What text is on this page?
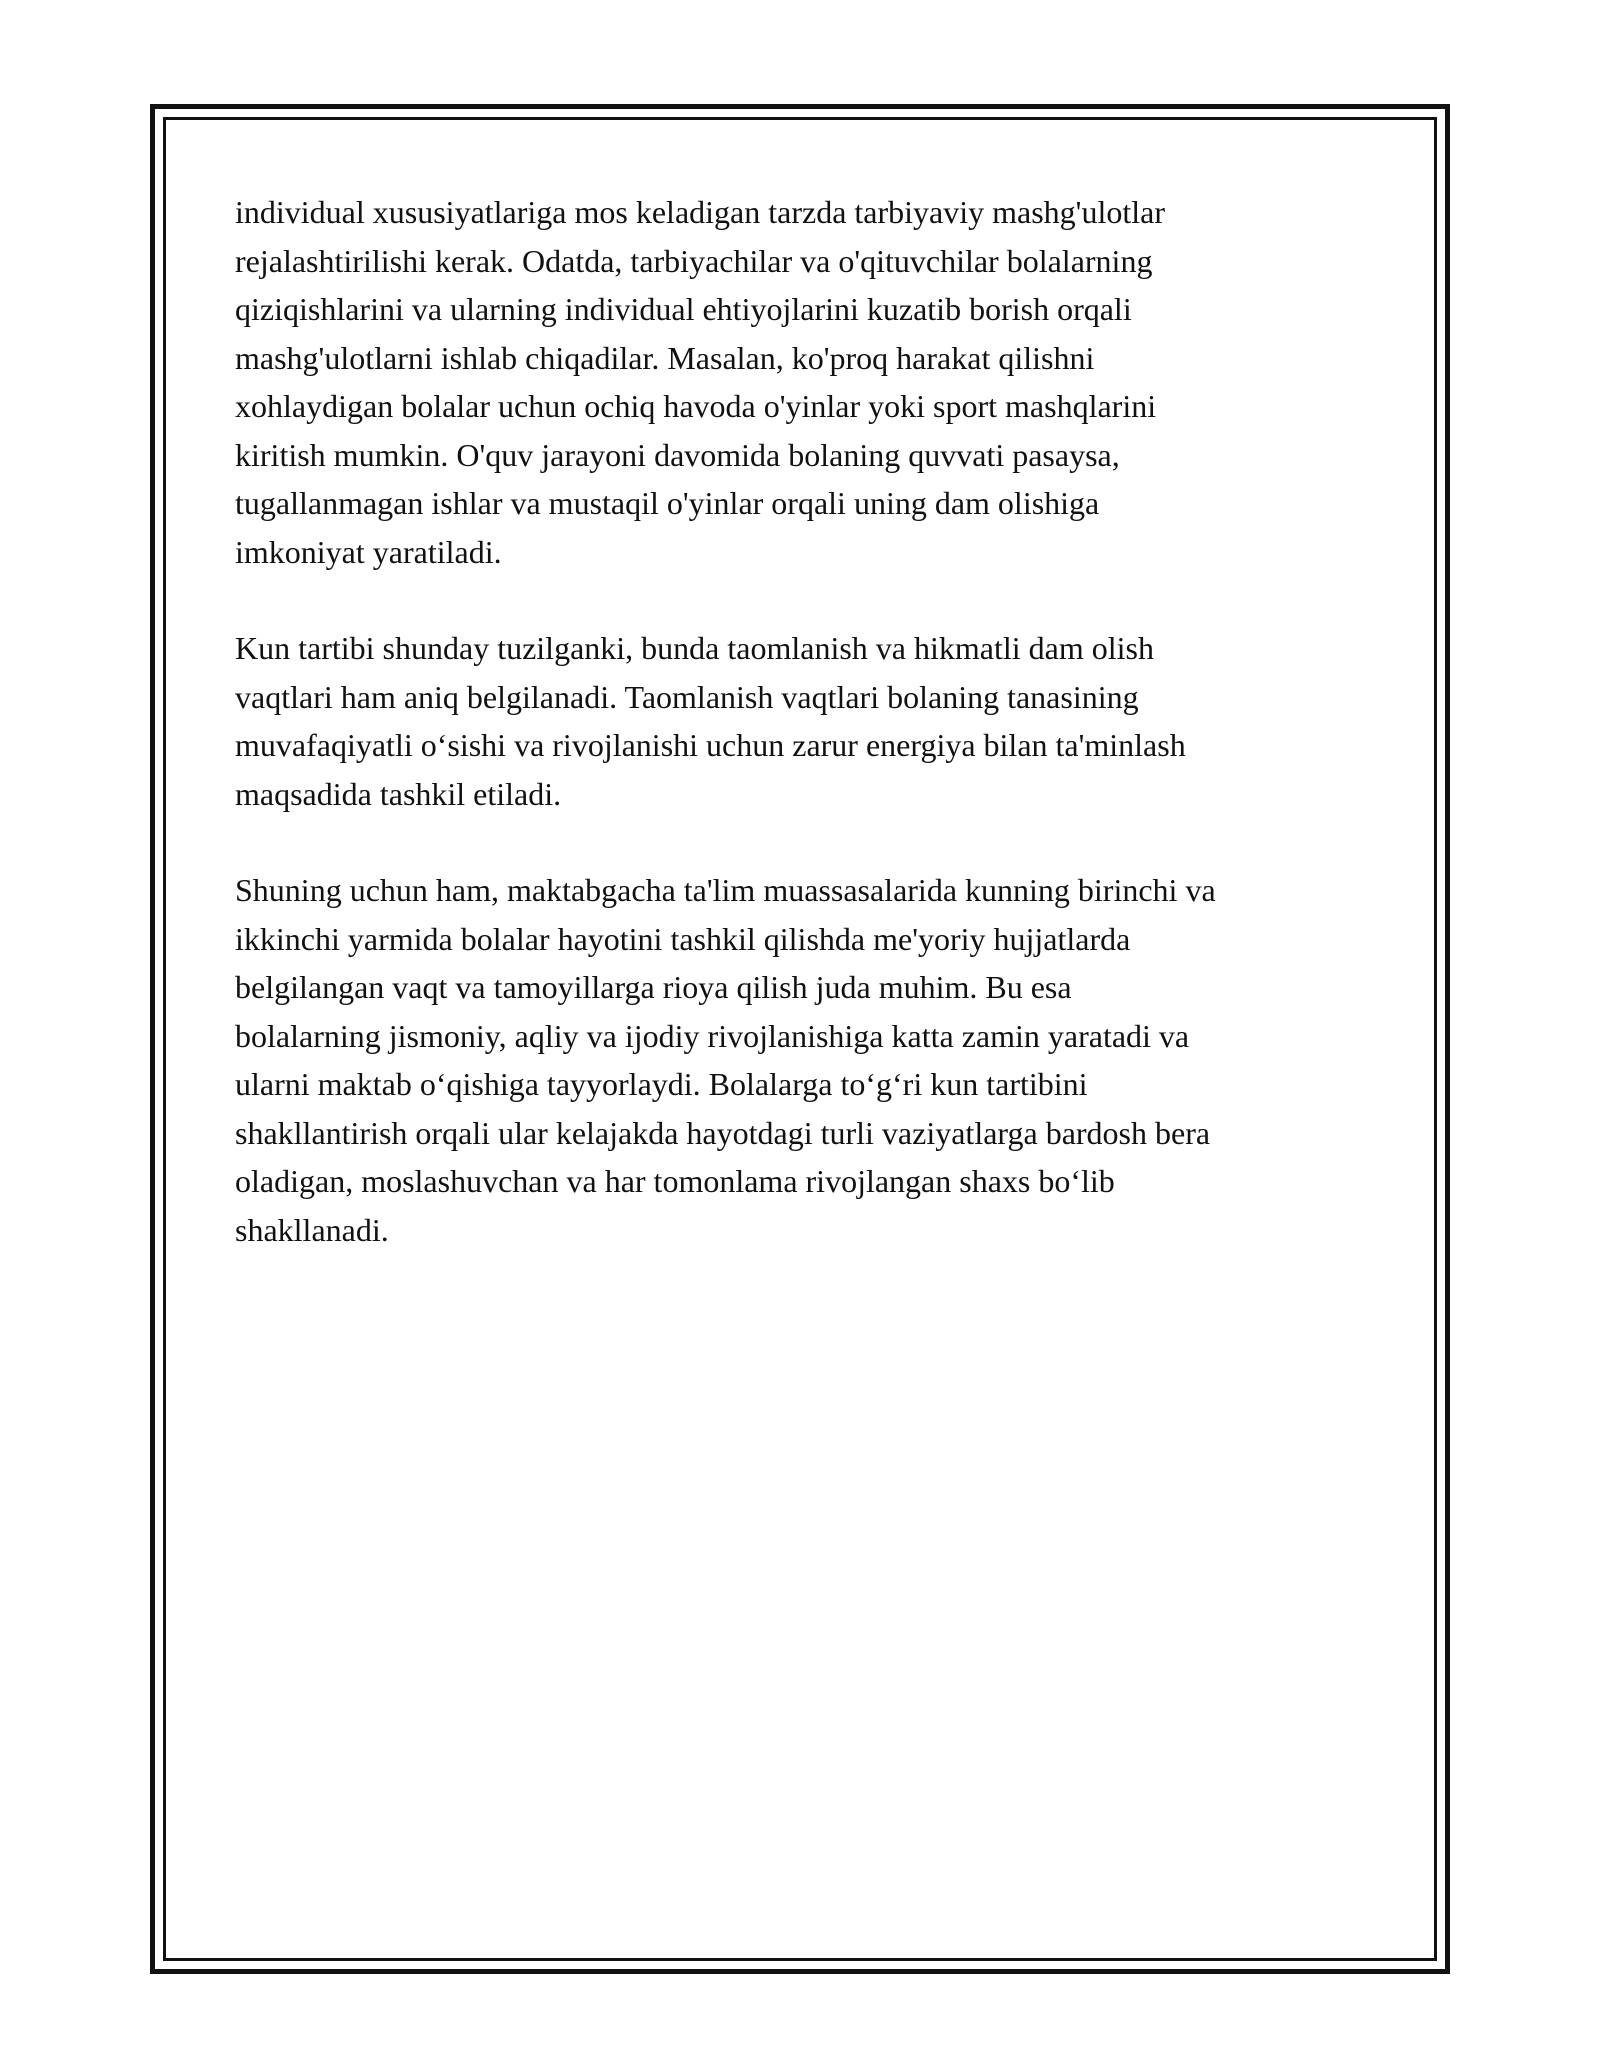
individual xususiyatlariga mos keladigan tarzda tarbiyaviy mashg'ulotlar
rejalashtirilishi kerak. Odatda, tarbiyachilar va o'qituvchilar bolalarning
qiziqishlarini va ularning individual ehtiyojlarini kuzatib borish orqali
mashg'ulotlarni ishlab chiqadilar. Masalan, ko'proq harakat qilishni
xohlaydigan bolalar uchun ochiq havoda o'yinlar yoki sport mashqlarini
kiritish mumkin. O'quv jarayoni davomida bolaning quvvati pasaysa,
tugallanmagan ishlar va mustaqil o'yinlar orqali uning dam olishiga
imkoniyat yaratiladi.

Kun tartibi shunday tuzilganki, bunda taomlanish va hikmatli dam olish
vaqtlari ham aniq belgilanadi. Taomlanish vaqtlari bolaning tanasining
muvafaqiyatli o‘sishi va rivojlanishi uchun zarur energiya bilan ta'minlash
maqsadida tashkil etiladi.

Shuning uchun ham, maktabgacha ta'lim muassasalarida kunning birinchi va
ikkinchi yarmida bolalar hayotini tashkil qilishda me'yoriy hujjatlarda
belgilangan vaqt va tamoyillarga rioya qilish juda muhim. Bu esa
bolalarning jismoniy, aqliy va ijodiy rivojlanishiga katta zamin yaratadi va
ularni maktab o‘qishiga tayyorlaydi. Bolalarga to‘g‘ri kun tartibini
shakllantirish orqali ular kelajakda hayotdagi turli vaziyatlarga bardosh bera
oladigan, moslashuvchan va har tomonlama rivojlangan shaxs bo‘lib
shakllanadi.
